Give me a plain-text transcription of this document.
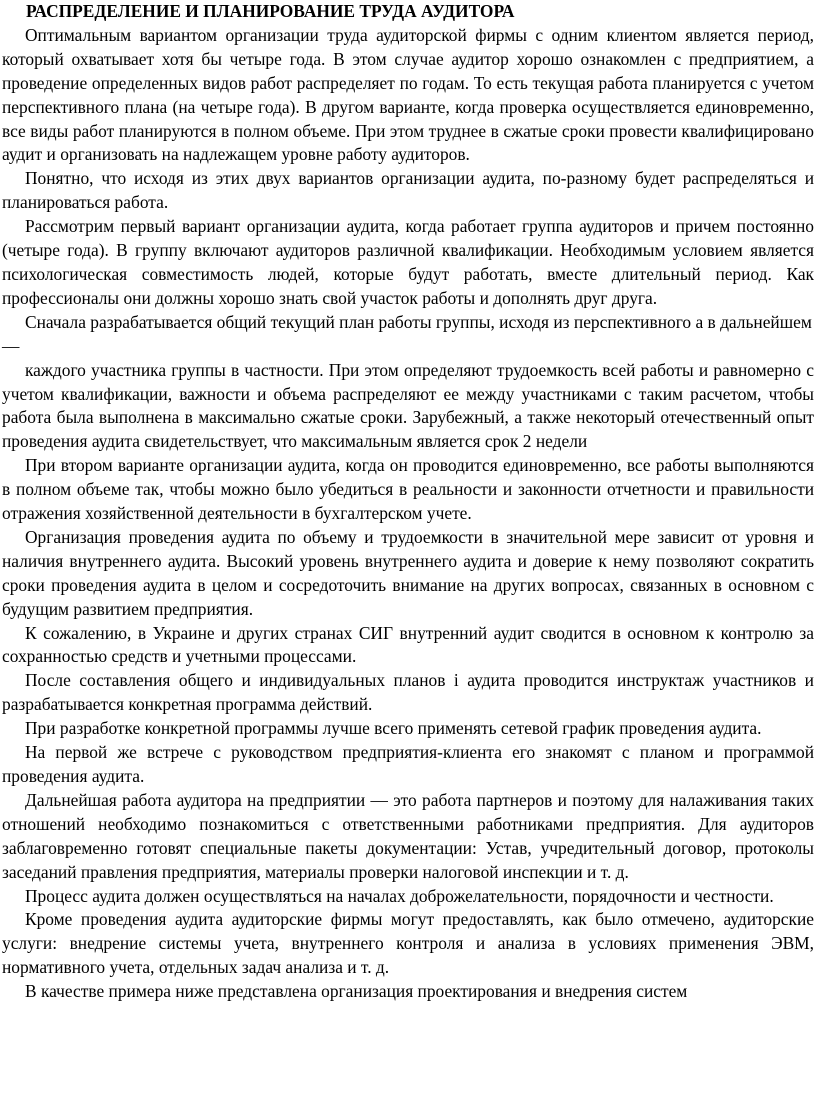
РАСПРЕДЕЛЕНИЕ И ПЛАНИРОВАНИЕ ТРУДА АУДИТОРА

Оптимальным вариантом организации труда аудиторской фирмы с одним клиентом является период, который охватывает хотя бы четыре года. В этом случае аудитор хорошо ознакомлен с предприятием, а проведение определенных видов работ распределяет по годам. То есть текущая работа планируется с учетом перспективного плана (на четыре года). В другом варианте, когда проверка осуществляется единовременно, все виды работ планируются в полном объеме. При этом труднее в сжатые сроки провести квалифицировано аудит и организовать на надлежащем уровне работу аудиторов.

Понятно, что исходя из этих двух вариантов организации аудита, по-разному будет распределяться и планироваться работа.

Рассмотрим первый вариант организации аудита, когда работает группа аудиторов и причем постоянно (четыре года). В группу включают аудиторов различной квалификации. Необходимым условием является психологическая совместимость людей, которые будут работать, вместе длительный период. Как профессионалы они должны хорошо знать свой участок работы и дополнять друг друга.

Сначала разрабатывается общий текущий план работы группы, исходя из перспективного а в дальнейшем —

каждого участника группы в частности. При этом определяют трудоемкость всей работы и равномерно с учетом квалификации, важности и объема распределяют ее между участниками с таким расчетом, чтобы работа была выполнена в максимально сжатые сроки. Зарубежный, а также некоторый отечественный опыт проведения аудита свидетельствует, что максимальным является срок 2 недели

При втором варианте организации аудита, когда он проводится единовременно, все работы выполняются в полном объеме так, чтобы можно было убедиться в реальности и законности отчетности и правильности отражения хозяйственной деятельности в бухгалтерском учете.

Организация проведения аудита по объему и трудоемкости в значительной мере зависит от уровня и наличия внутреннего аудита. Высокий уровень внутреннего аудита и доверие к нему позволяют сократить сроки проведения аудита в целом и сосредоточить внимание на других вопросах, связанных в основном с будущим развитием предприятия.

К сожалению, в Украине и других странах СИГ внутренний аудит сводится в основном к контролю за сохранностью средств и учетными процессами.

После составления общего и индивидуальных планов і аудита проводится инструктаж участников и разрабатывается конкретная программа действий.

При разработке конкретной программы лучше всего применять сетевой график проведения аудита.

На первой же встрече с руководством предприятия-клиента его знакомят с планом и программой проведения аудита.

Дальнейшая работа аудитора на предприятии — это работа партнеров и поэтому для налаживания таких отношений необходимо познакомиться с ответственными работниками предприятия. Для аудиторов заблаговременно готовят специальные пакеты документации: Устав, учредительный договор, протоколы заседаний правления предприятия, материалы проверки налоговой инспекции и т. д.

Процесс аудита должен осуществляться на началах доброжелательности, порядочности и честности.

Кроме проведения аудита аудиторские фирмы могут предоставлять, как было отмечено, аудиторские услуги: внедрение системы учета, внутреннего контроля и анализа в условиях применения ЭВМ, нормативного учета, отдельных задач анализа и т. д.

В качестве примера ниже представлена организация проектирования и внедрения систем
